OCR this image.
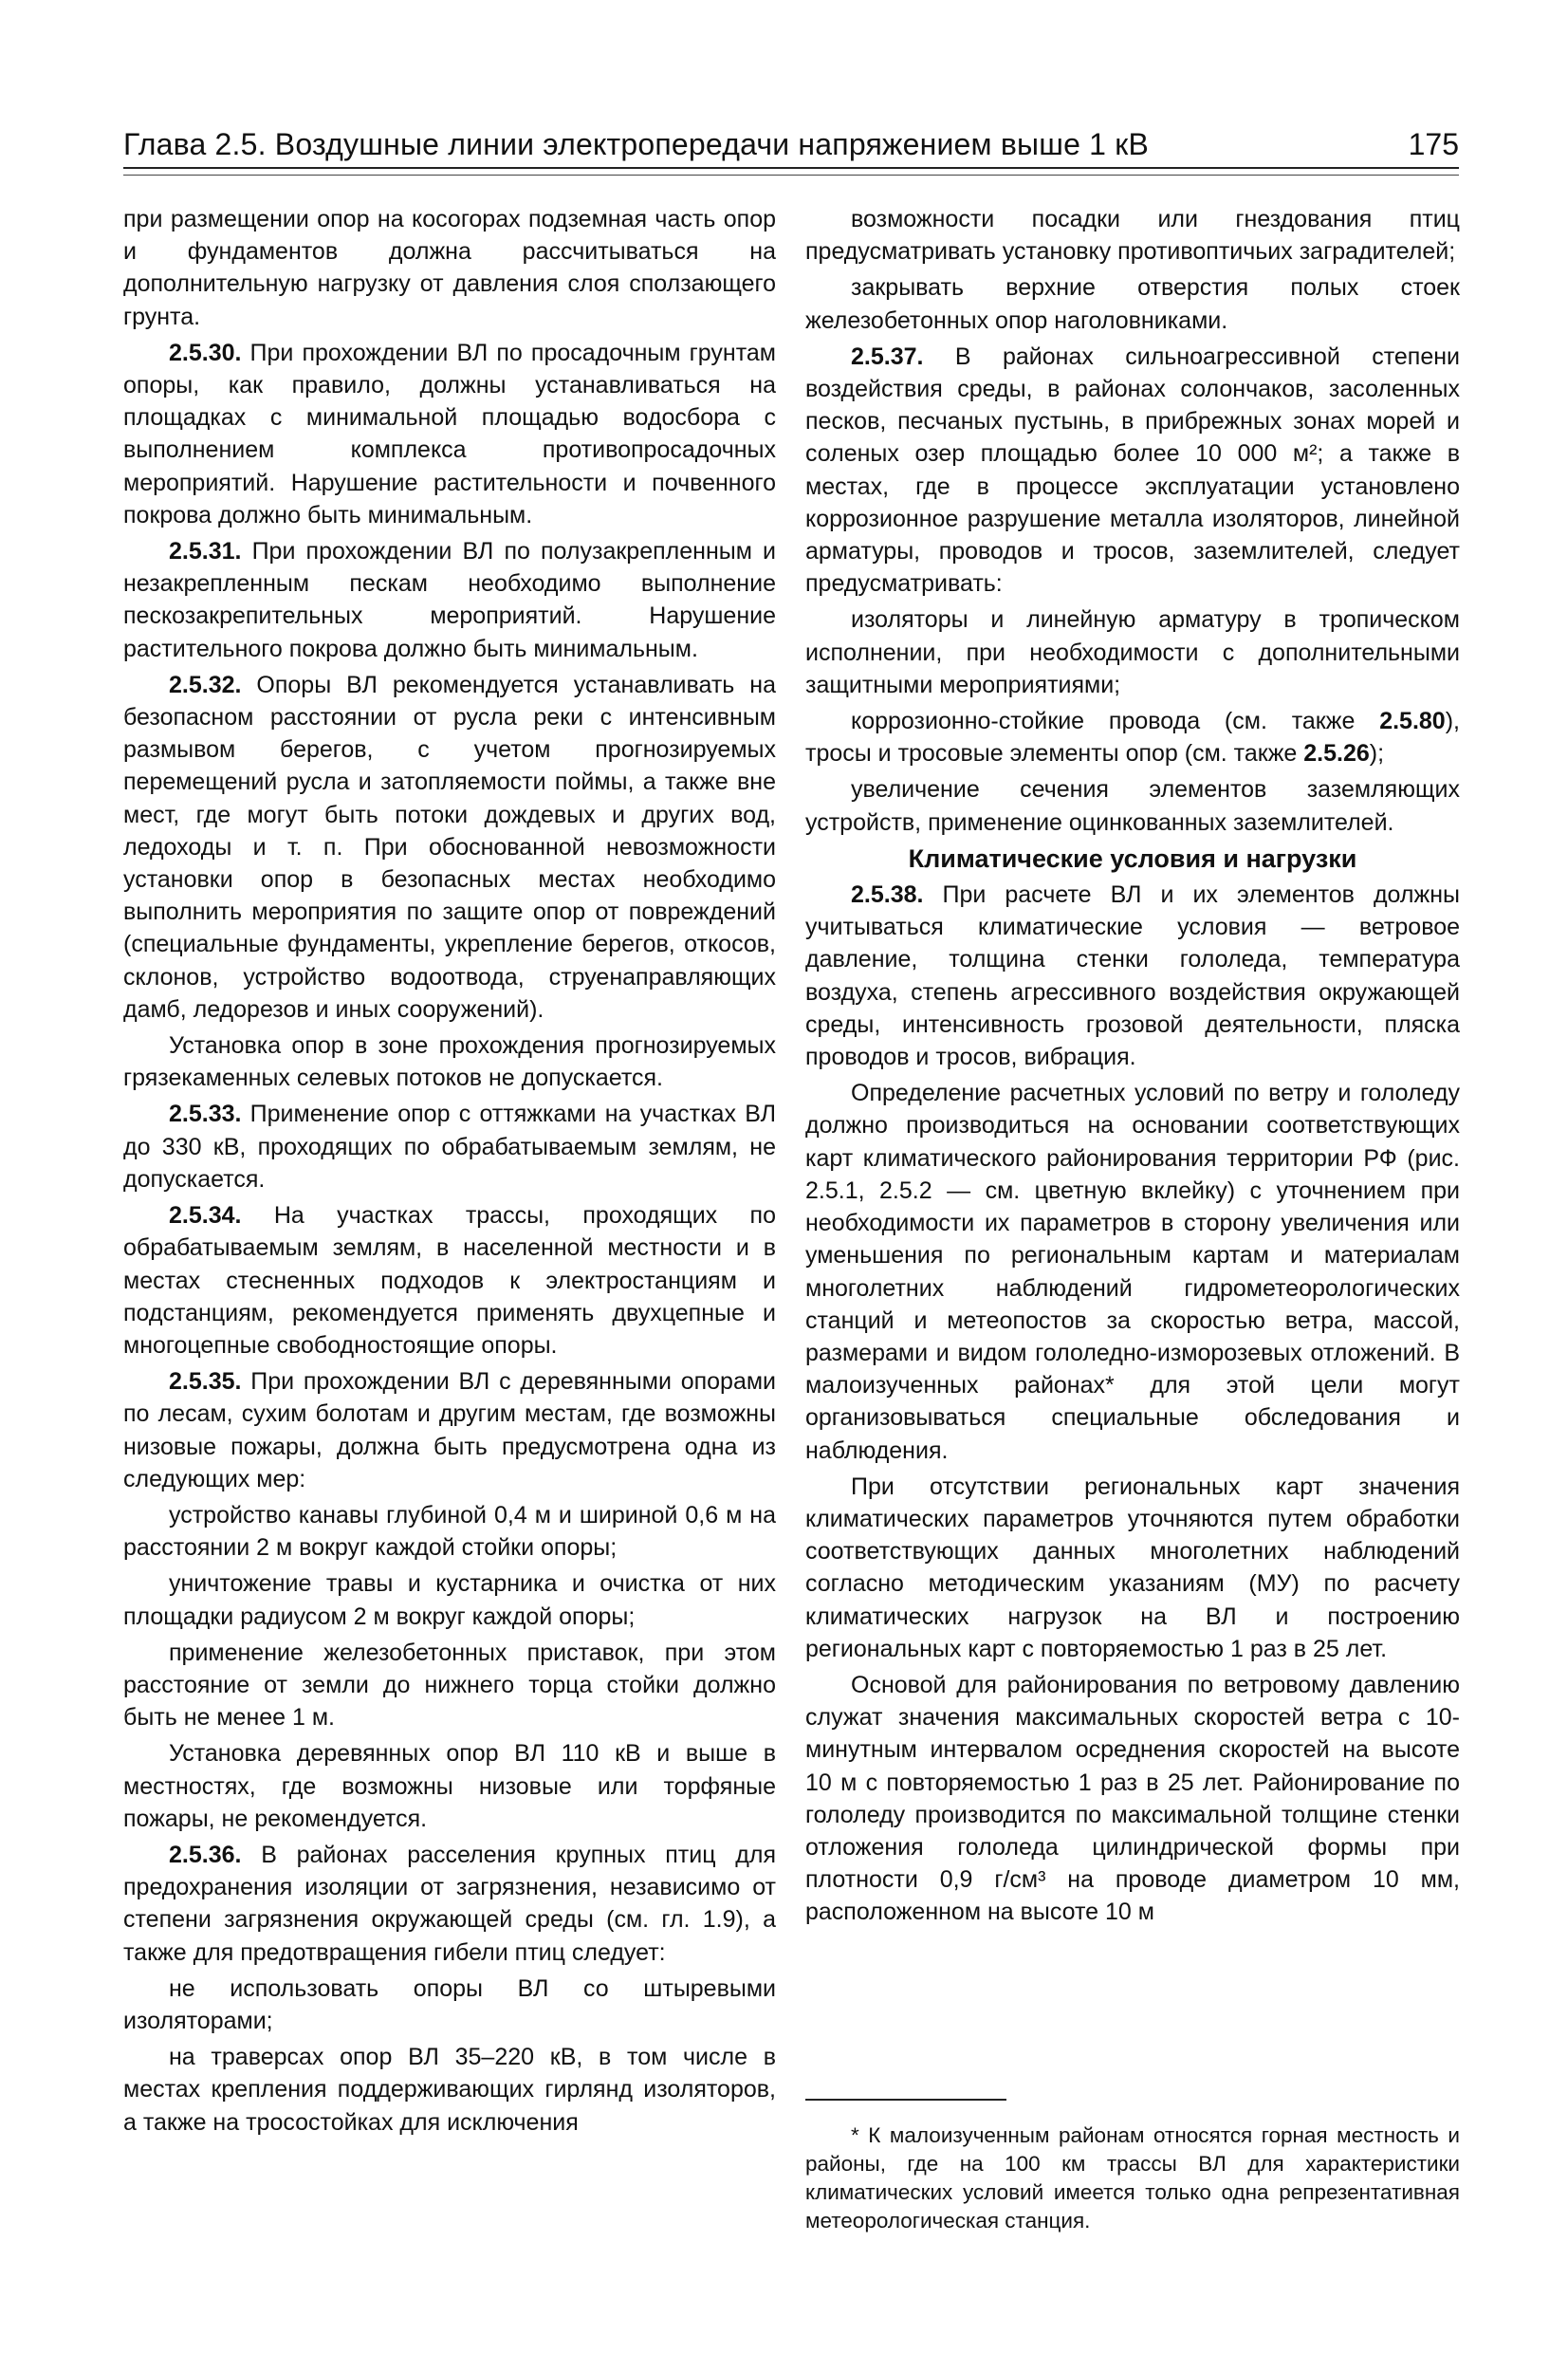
Глава 2.5. Воздушные линии электропередачи напряжением выше 1 кВ	175

при размещении опор на косогорах подземная часть опор и фундаментов должна рассчитываться на дополнительную нагрузку от давления слоя сползающего грунта.

2.5.30. При прохождении ВЛ по просадочным грунтам опоры, как правило, должны устанавливаться на площадках с минимальной площадью водосбора с выполнением комплекса противопросадочных мероприятий. Нарушение растительности и почвенного покрова должно быть минимальным.

2.5.31. При прохождении ВЛ по полузакрепленным и незакрепленным пескам необходимо выполнение пескозакрепительных мероприятий. Нарушение растительного покрова должно быть минимальным.

2.5.32. Опоры ВЛ рекомендуется устанавливать на безопасном расстоянии от русла реки с интенсивным размывом берегов, с учетом прогнозируемых перемещений русла и затопляемости поймы, а также вне мест, где могут быть потоки дождевых и других вод, ледоходы и т. п. При обоснованной невозможности установки опор в безопасных местах необходимо выполнить мероприятия по защите опор от повреждений (специальные фундаменты, укрепление берегов, откосов, склонов, устройство водоотвода, струенаправляющих дамб, ледорезов и иных сооружений).

Установка опор в зоне прохождения прогнозируемых грязекаменных селевых потоков не допускается.

2.5.33. Применение опор с оттяжками на участках ВЛ до 330 кВ, проходящих по обрабатываемым землям, не допускается.

2.5.34. На участках трассы, проходящих по обрабатываемым землям, в населенной местности и в местах стесненных подходов к электростанциям и подстанциям, рекомендуется применять двухцепные и многоцепные свободностоящие опоры.

2.5.35. При прохождении ВЛ с деревянными опорами по лесам, сухим болотам и другим местам, где возможны низовые пожары, должна быть предусмотрена одна из следующих мер:

устройство канавы глубиной 0,4 м и шириной 0,6 м на расстоянии 2 м вокруг каждой стойки опоры;

уничтожение травы и кустарника и очистка от них площадки радиусом 2 м вокруг каждой опоры;

применение железобетонных приставок, при этом расстояние от земли до нижнего торца стойки должно быть не менее 1 м.

Установка деревянных опор ВЛ 110 кВ и выше в местностях, где возможны низовые или торфяные пожары, не рекомендуется.

2.5.36. В районах расселения крупных птиц для предохранения изоляции от загрязнения, независимо от степени загрязнения окружающей среды (см. гл. 1.9), а также для предотвращения гибели птиц следует:

не использовать опоры ВЛ со штыревыми изоляторами;

на траверсах опор ВЛ 35–220 кВ, в том числе в местах крепления поддерживающих гирлянд изоляторов, а также на тросостойках для исключения

возможности посадки или гнездования птиц предусматривать установку противоптичьих заградителей;

закрывать верхние отверстия полых стоек железобетонных опор наголовниками.

2.5.37. В районах сильноагрессивной степени воздействия среды, в районах солончаков, засоленных песков, песчаных пустынь, в прибрежных зонах морей и соленых озер площадью более 10 000 м²; а также в местах, где в процессе эксплуатации установлено коррозионное разрушение металла изоляторов, линейной арматуры, проводов и тросов, заземлителей, следует предусматривать:

изоляторы и линейную арматуру в тропическом исполнении, при необходимости с дополнительными защитными мероприятиями;

коррозионно-стойкие провода (см. также 2.5.80), тросы и тросовые элементы опор (см. также 2.5.26);

увеличение сечения элементов заземляющих устройств, применение оцинкованных заземлителей.

Климатические условия и нагрузки

2.5.38. При расчете ВЛ и их элементов должны учитываться климатические условия — ветровое давление, толщина стенки гололеда, температура воздуха, степень агрессивного воздействия окружающей среды, интенсивность грозовой деятельности, пляска проводов и тросов, вибрация.

Определение расчетных условий по ветру и гололеду должно производиться на основании соответствующих карт климатического районирования территории РФ (рис. 2.5.1, 2.5.2 — см. цветную вклейку) с уточнением при необходимости их параметров в сторону увеличения или уменьшения по региональным картам и материалам многолетних наблюдений гидрометеорологических станций и метеопостов за скоростью ветра, массой, размерами и видом гололедно-изморозевых отложений. В малоизученных районах* для этой цели могут организовываться специальные обследования и наблюдения.

При отсутствии региональных карт значения климатических параметров уточняются путем обработки соответствующих данных многолетних наблюдений согласно методическим указаниям (МУ) по расчету климатических нагрузок на ВЛ и построению региональных карт с повторяемостью 1 раз в 25 лет.

Основой для районирования по ветровому давлению служат значения максимальных скоростей ветра с 10-минутным интервалом осреднения скоростей на высоте 10 м с повторяемостью 1 раз в 25 лет. Районирование по гололеду производится по максимальной толщине стенки отложения гололеда цилиндрической формы при плотности 0,9 г/см³ на проводе диаметром 10 мм, расположенном на высоте 10 м

* К малоизученным районам относятся горная местность и районы, где на 100 км трассы ВЛ для характеристики климатических условий имеется только одна репрезентативная метеорологическая станция.
